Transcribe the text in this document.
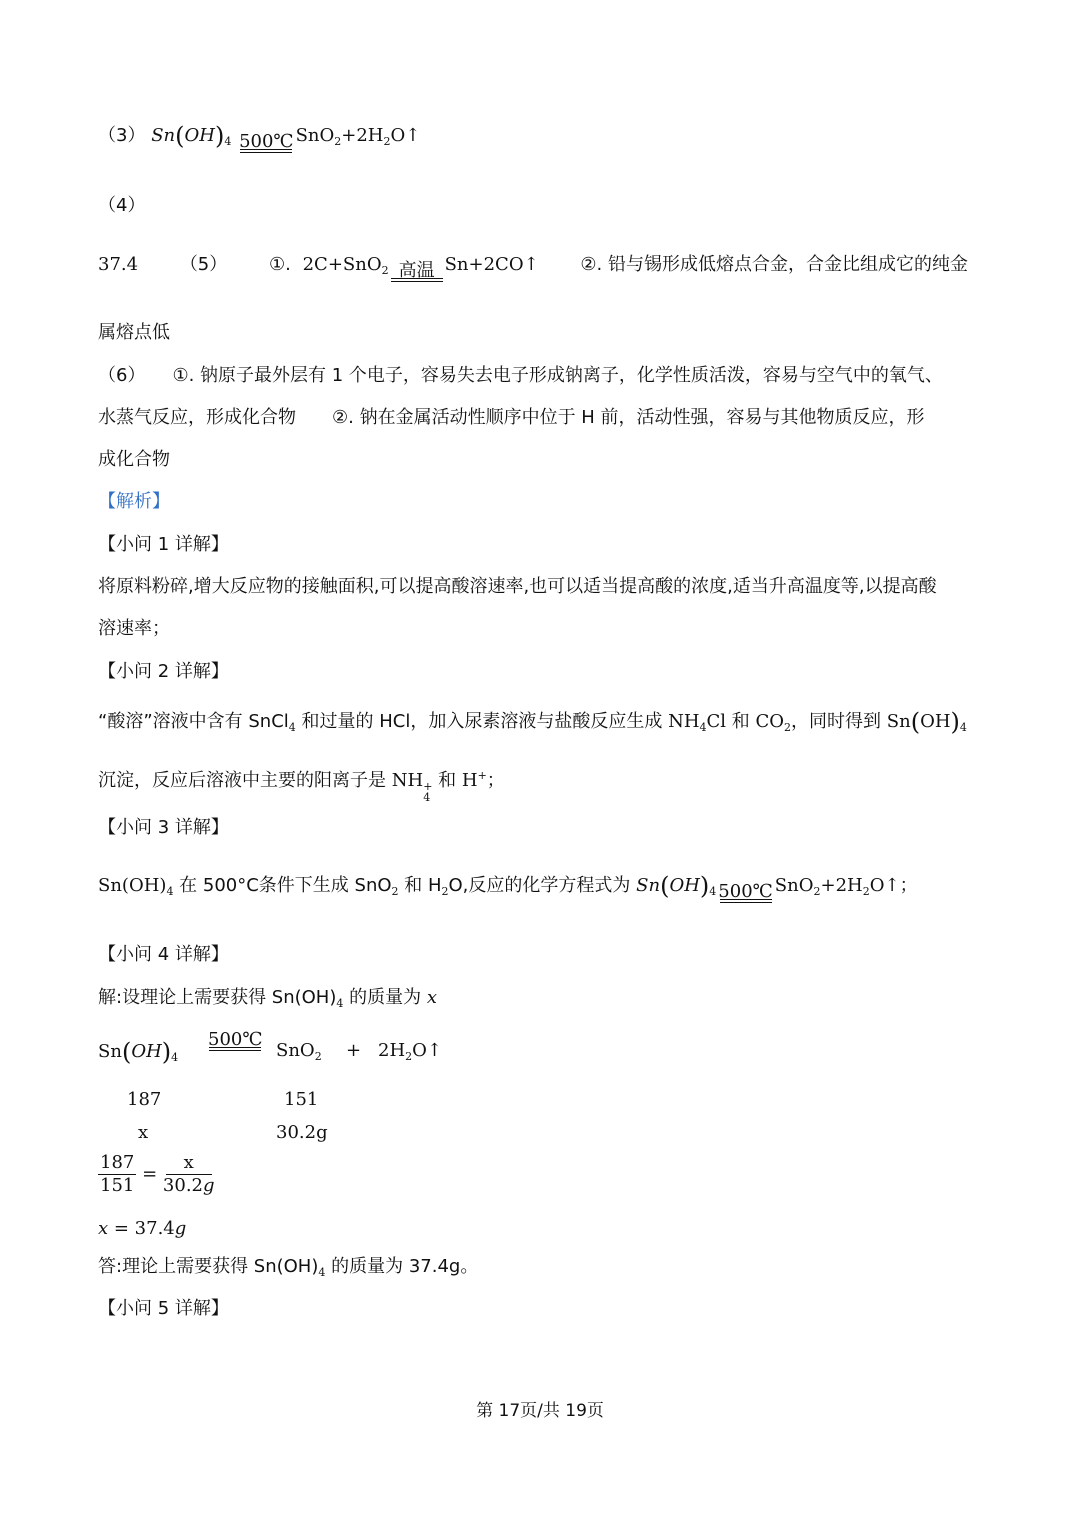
（3） $Sn(OH)_4$ 500℃ $SnO_2+2H_2O↑$
（4）
37.4 （5） ①. 2C+SnO$_2$ 高温 Sn+2CO↑ ②. 铅与锡形成低熔点合金，合金比组成它的纯金
属熔点低
（6）　　①. 钠原子最外层有 1 个电子，容易失去电子形成钠离子，化学性质活泼，容易与空气中的氧气、
水蒸气反应，形成化合物　　②. 钠在金属活动性顺序中位于 H 前，活动性强，容易与其他物质反应，形
成化合物
【解析】
【小问 1 详解】
将原料粉碎,增大反应物的接触面积,可以提高酸溶速率,也可以适当提高酸的浓度,适当升高温度等,以提高酸
溶速率；
【小问 2 详解】
“酸溶”溶液中含有 SnCl$_4$ 和过量的 HCl，加入尿素溶液与盐酸反应生成 $NH_4Cl$ 和 $CO_2$，同时得到 $Sn(OH)_4$
沉淀，反应后溶液中主要的阳离子是 NH +
4
和 H+；
【小问 3 详解】
$Sn(OH)_4$ 在 500°C条件下生成 SnO$_2$ 和 $H_2O$,反应的化学方程式为 $Sn(OH)_4$ 500℃ $SnO_2+2H_2O↑$；
【小问 4 详解】
解:设理论上需要获得 $Sn(OH)_4$ 的质量为 x
$Sn(OH)_4$
500℃
$SnO_2 + 2H_2O↑$
187	151
x	30.2g
$\frac{187}{151} = \frac{x}{30.2g}$
x = 37.4g
答:理论上需要获得 $Sn(OH)_4$ 的质量为 37.4g。
【小问 5 详解】
第 17页/共 19页
